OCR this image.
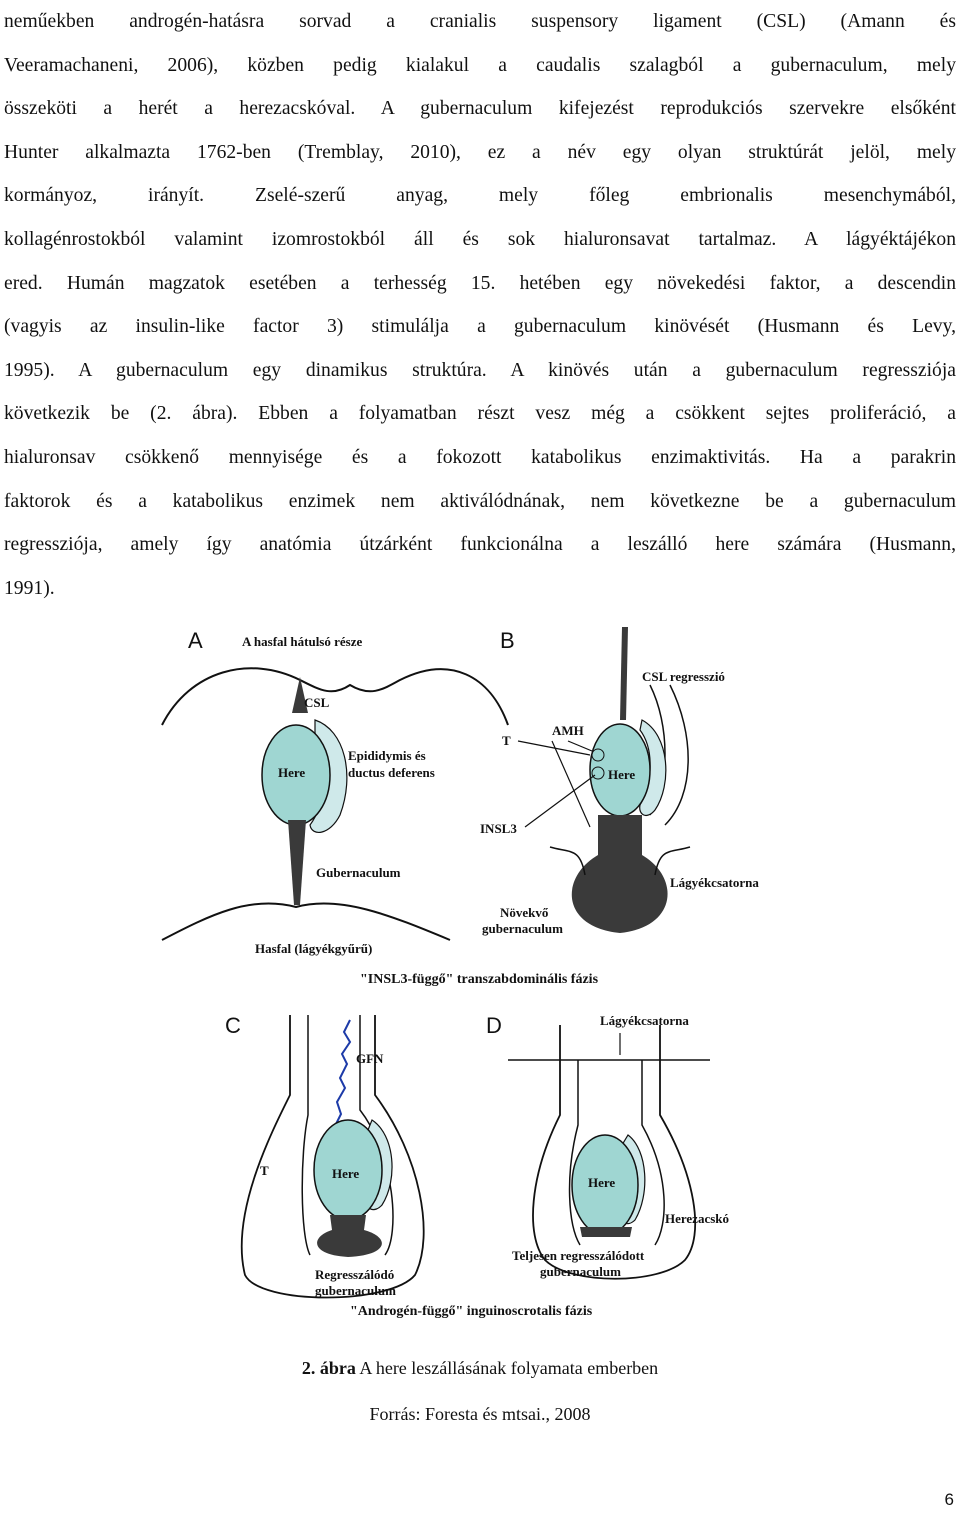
neműekben androgén-hatásra sorvad a cranialis suspensory ligament (CSL) (Amann és
Veeramachaneni, 2006), közben pedig kialakul a caudalis szalagból a gubernaculum, mely
összeköti a herét a herezacskóval. A gubernaculum kifejezést reprodukciós szervekre elsőként
Hunter alkalmazta 1762-ben (Tremblay, 2010), ez a név egy olyan struktúrát jelöl, mely
kormányoz, irányít. Zselé-szerű anyag, mely főleg embrionalis mesenchymából,
kollagénrostokból valamint izomrostokból áll és sok hialuronsavat tartalmaz. A lágyéktájékon
ered. Humán magzatok esetében a terhesség 15. hetében egy növekedési faktor, a descendin
(vagyis az insulin-like factor 3) stimulálja a gubernaculum kinövését (Husmann és Levy,
1995). A gubernaculum egy dinamikus struktúra. A kinövés után a gubernaculum regressziója
következik be (2. ábra). Ebben a folyamatban részt vesz még a csökkent sejtes proliferáció, a
hialuronsav csökkenő mennyisége és a fokozott katabolikus enzimaktivitás. Ha a parakrin
faktorok és a katabolikus enzimek nem aktiválódnának, nem következne be a gubernaculum
regressziója, amely így anatómia útzárként funkcionálna a leszálló here számára (Husmann,
1991).
A	A hasfal hátulsó része
CSL
Here
Epididymis és
ductus deferens
Gubernaculum
Hasfal (lágyékgyűrű)
B
CSL regresszió
Here
T
AMH
INSL3
Lágyékcsatorna
Növekvő
gubernaculum
"INSL3-függő" transzabdominális fázis
C
GFN
Here
T
Regresszálódó
gubernaculum
D	Lágyékcsatorna
Here
Herezacskó
Teljesen regresszálódott
gubernaculum
"Androgén-függő" inguinoscrotalis fázis
2. ábra A here leszállásának folyamata emberben
Forrás: Foresta és mtsai., 2008
6
